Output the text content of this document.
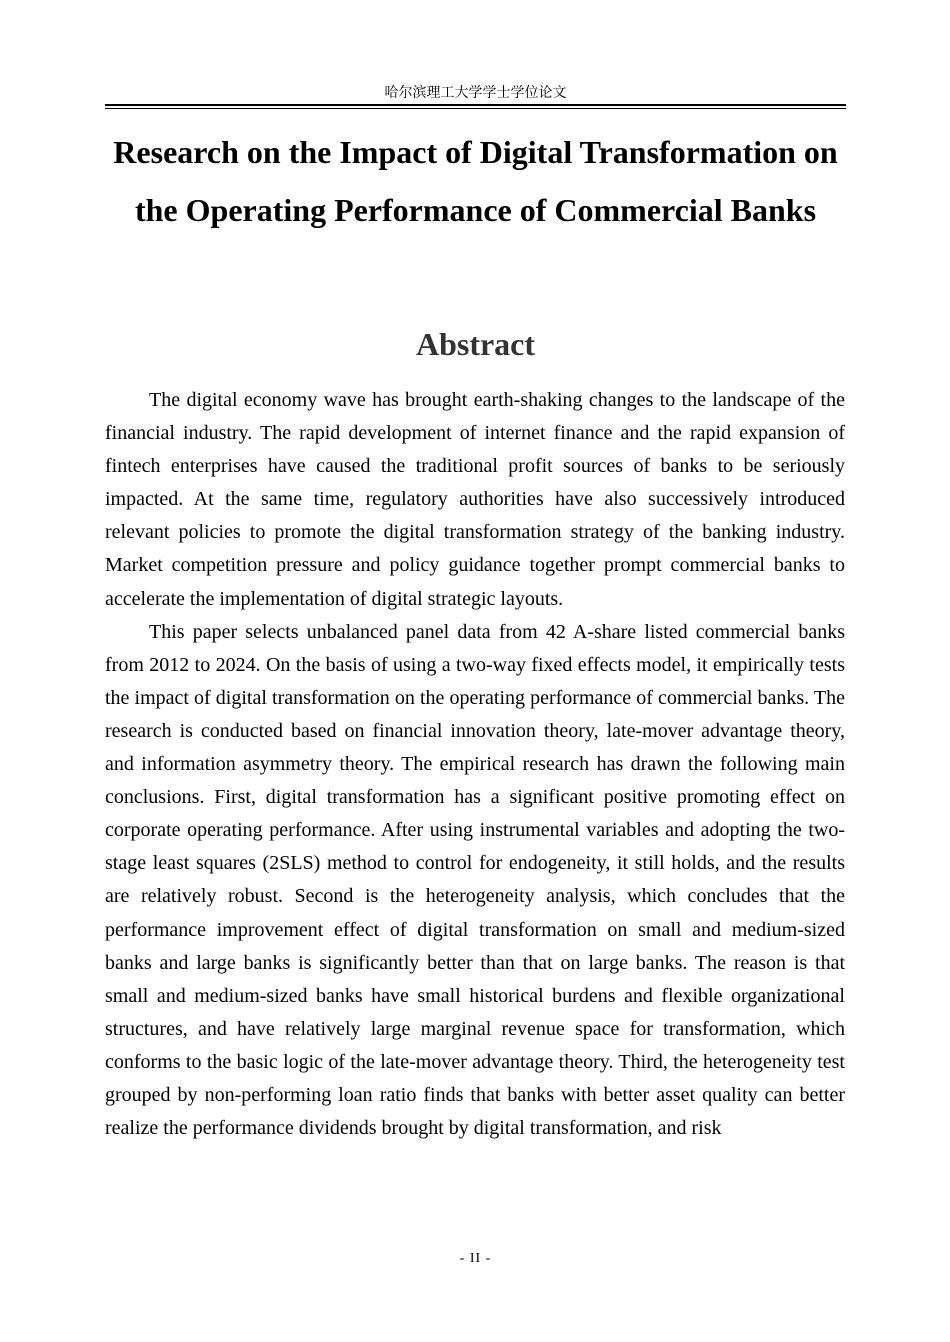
哈尔滨理工大学学士学位论文
Research on the Impact of Digital Transformation on the Operating Performance of Commercial Banks
Abstract

The digital economy wave has brought earth-shaking changes to the landscape of the financial industry. The rapid development of internet finance and the rapid expansion of fintech enterprises have caused the traditional profit sources of banks to be seriously impacted. At the same time, regulatory authorities have also successively introduced relevant policies to promote the digital transformation strategy of the banking industry. Market competition pressure and policy guidance together prompt commercial banks to accelerate the implementation of digital strategic layouts.

This paper selects unbalanced panel data from 42 A-share listed commercial banks from 2012 to 2024. On the basis of using a two-way fixed effects model, it empirically tests the impact of digital transformation on the operating performance of commercial banks. The research is conducted based on financial innovation theory, late-mover advantage theory, and information asymmetry theory. The empirical research has drawn the following main conclusions. First, digital transformation has a significant positive promoting effect on corporate operating performance. After using instrumental variables and adopting the two-stage least squares (2SLS) method to control for endogeneity, it still holds, and the results are relatively robust. Second is the heterogeneity analysis, which concludes that the performance improvement effect of digital transformation on small and medium-sized banks and large banks is significantly better than that on large banks. The reason is that small and medium-sized banks have small historical burdens and flexible organizational structures, and have relatively large marginal revenue space for transformation, which conforms to the basic logic of the late-mover advantage theory. Third, the heterogeneity test grouped by non-performing loan ratio finds that banks with better asset quality can better realize the performance dividends brought by digital transformation, and risk

- II -
